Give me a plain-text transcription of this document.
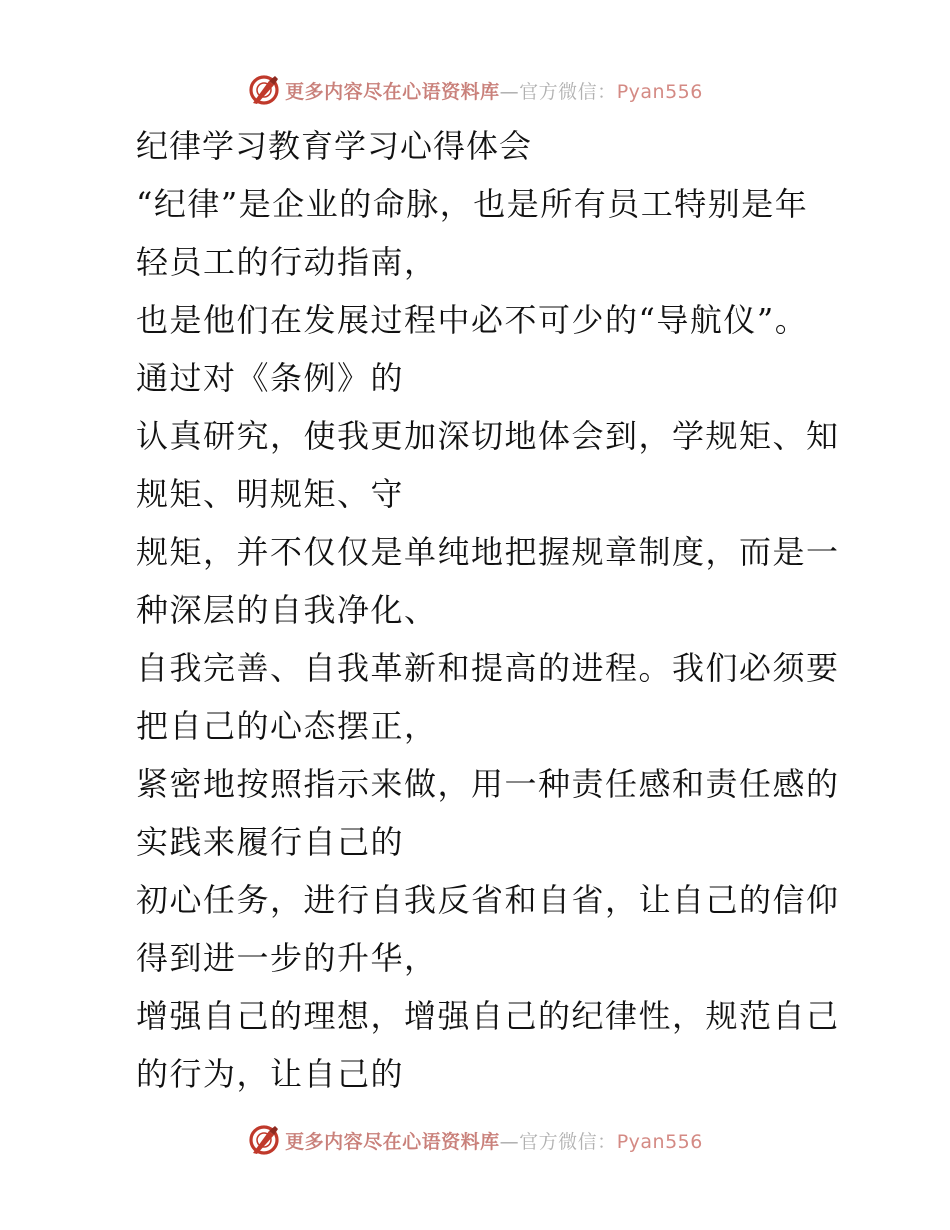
更多内容尽在心语资料库—官方微信：Pyan556
纪律学习教育学习心得体会

“纪律”是企业的命脉，也是所有员工特别是年
轻员工的行动指南，

也是他们在发展过程中必不可少的“导航仪”。
通过对《条例》的

认真研究，使我更加深切地体会到，学规矩、知
规矩、明规矩、守

规矩，并不仅仅是单纯地把握规章制度，而是一
种深层的自我净化、

自我完善、自我革新和提高的进程。我们必须要
把自己的心态摆正，

紧密地按照指示来做，用一种责任感和责任感的
实践来履行自己的

初心任务，进行自我反省和自省，让自己的信仰
得到进一步的升华，

增强自己的理想，增强自己的纪律性，规范自己
的行为，让自己的

更多内容尽在心语资料库—官方微信：Pyan556
